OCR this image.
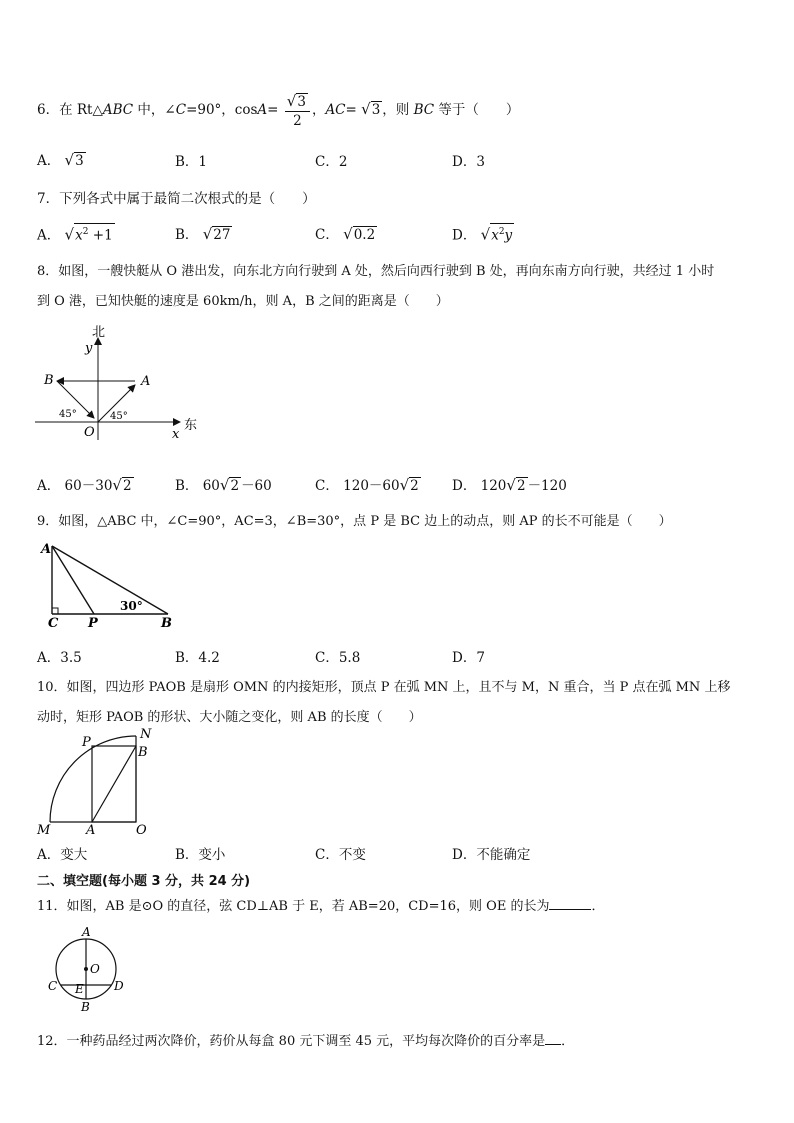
6．在 Rt△ABC 中，∠C=90°，$\cos A= \frac{√3}{2}$ ，AC= √3 ，则 BC 等于（　　）
A． √3	B．1	C．2	D．3
7．下列各式中属于最简二次根式的是（　　）
A． $√x^2 +1$	B． √27	C． √0.2	D． $√x^2y$
8．如图，一艘快艇从 O 港出发，向东北方向行驶到 A 处，然后向西行驶到 B 处，再向东南方向行驶，共经过 1 小时
到 O 港，已知快艇的速度是 60km/h，则 A，B 之间的距离是（　　）
北
y
东
x
O
A
B
45°	45°
A． 60－30√2	B． 60√2 －60	C． 120－60√2 D． 120√2 －120
9．如图，△ABC 中，∠C=90°，AC=3，∠B=30°，点 P 是 BC 边上的动点，则 AP 的长不可能是（　　）
A
C P	B
30°
A．3.5	B．4.2	C．5.8	D．7
10．如图，四边形 PAOB 是扇形 OMN 的内接矩形，顶点 P 在弧 MN 上，且不与 M，N 重合，当 P 点在弧 MN 上移
动时，矩形 PAOB 的形状、大小随之变化，则 AB 的长度（　　）
P
N
B
M	A	O
A．变大	B．变小	C．不变	D．不能确定
二、填空题(每小题 3 分，共 24 分)
11．如图，AB 是⊙O 的直径，弦 CD⊥AB 于 E，若 AB=20，CD=16，则 OE 的长为	．
A
O
C E	D
B
12．一种药品经过两次降价，药价从每盒 80 元下调至 45 元，平均每次降价的百分率是 ．
